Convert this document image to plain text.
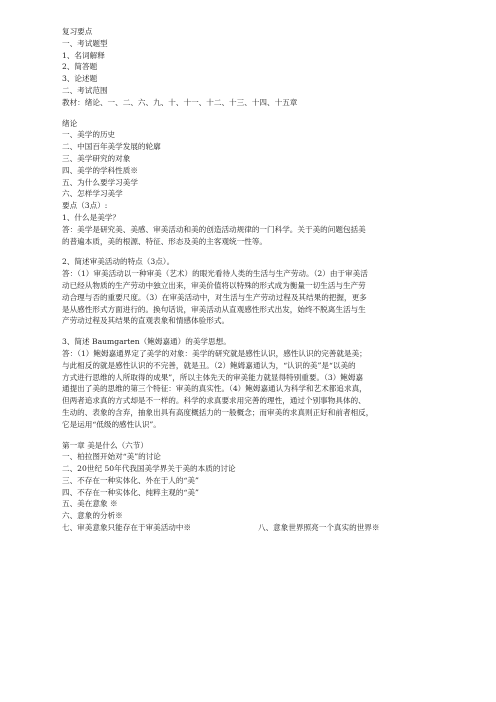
复习要点
一、考试题型
1、名词解释
2、简答题
3、论述题
二、考试范围
教材：绪论、一、二、六、九、十、十一、十二、十三、十四、十五章
绪论
一、美学的历史
二、中国百年美学发展的轮廓
三、美学研究的对象
四、美学的学科性质※
五、为什么要学习美学
六、怎样学习美学
要点（3点）:
1、什么是美学？
答：美学是研究美、美感、审美活动和美的创造活动规律的一门科学。关于美的问题包括美
的普遍本质，美的根源、特征、形态及美的主客观统一性等。
2、简述审美活动的特点（3点）。
答：（1）审美活动以一种审美（艺术）的眼光看待人类的生活与生产劳动。（2）由于审美活
动已经从物质的生产劳动中独立出来，审美价值将以特殊的形式成为衡量一切生活与生产劳
动合理与否的重要尺度。（3）在审美活动中，对生活与生产劳动过程及其结果的把握，更多
是从感性形式方面进行的。换句话说，审美活动从直观感性形式出发，始终不脱离生活与生
产劳动过程及其结果的直观表象和情感体验形式。
3、简述 Baumgarten（鲍姆嘉通）的美学思想。
答：（1）鲍姆嘉通界定了美学的对象：美学的研究就是感性认识，感性认识的完善就是美；
与此相反的就是感性认识的不完善，就是丑。（2）鲍姆嘉通认为，“认识的美”是“以美的
方式进行思维的人所取得的成果”，所以主体先天的审美能力就显得特别重要。（3）鲍姆嘉
通提出了美的思维的第三个特征：审美的真实性。（4）鲍姆嘉通认为科学和艺术都追求真，
但两者追求真的方式却是不一样的。科学的求真要求用完善的理性，通过个别事物具体的、
生动的、表象的含弃，抽象出具有高度概括力的一般概念；而审美的求真则正好和前者相反，
它是运用“低级的感性认识”。
第一章 美是什么（六节）
一、柏拉图开始对“美”的讨论
二、20世纪 50年代我国美学界关于美的本质的讨论
三、不存在一种实体化、外在于人的“美”
四、不存在一种实体化、纯粹主观的“美”
五、美在意象 ※
六、意象的分析※
七、审美意象只能存在于审美活动中※	八、意象世界照亮一个真实的世界※
